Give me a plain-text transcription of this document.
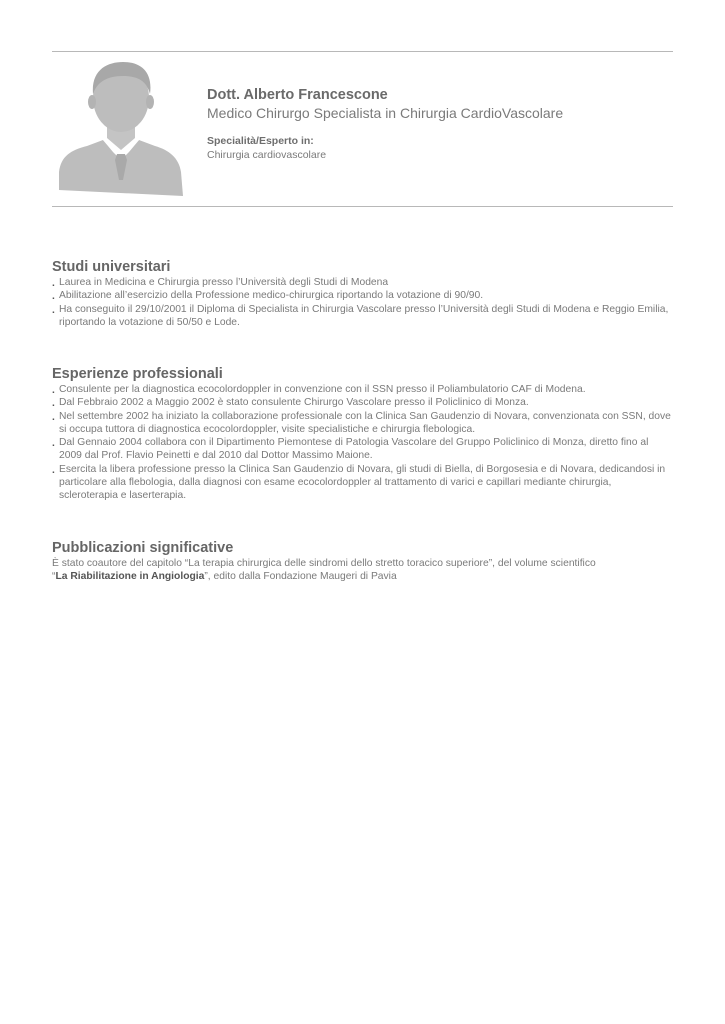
Dott. Alberto Francescone
Medico Chirurgo Specialista in Chirurgia CardioVascolare
Specialità/Esperto in:
Chirurgia cardiovascolare
Studi universitari
. Laurea in Medicina e Chirurgia presso l’Università degli Studi di Modena
. Abilitazione all’esercizio della Professione medico-chirurgica riportando la votazione di 90/90.
. Ha conseguito il 29/10/2001 il Diploma di Specialista in Chirurgia Vascolare presso l’Università degli Studi di Modena e Reggio Emilia, riportando la votazione di 50/50 e Lode.
Esperienze professionali
. Consulente per la diagnostica ecocolordoppler in convenzione con il SSN presso il Poliambulatorio CAF di Modena.
. Dal Febbraio 2002 a Maggio 2002 è stato consulente Chirurgo Vascolare presso il Policlinico di Monza.
. Nel settembre 2002 ha iniziato la collaborazione professionale con la Clinica San Gaudenzio di Novara, convenzionata con SSN, dove si occupa tuttora di diagnostica ecocolordoppler, visite specialistiche e chirurgia flebologica.
. Dal Gennaio 2004 collabora con il Dipartimento Piemontese di Patologia Vascolare del Gruppo Policlinico di Monza, diretto fino al 2009 dal Prof. Flavio Peinetti e dal 2010 dal Dottor Massimo Maione.
. Esercita la libera professione presso la Clinica San Gaudenzio di Novara, gli studi di Biella, di Borgosesia e di Novara, dedicandosi in particolare alla flebologia, dalla diagnosi con esame ecocolordoppler al trattamento di varici e capillari mediante chirurgia, scleroterapia e laserterapia.
Pubblicazioni significative

È stato coautore del capitolo “La terapia chirurgica delle sindromi dello stretto toracico superiore”, del volume scientifico
“La Riabilitazione in Angiologia”, edito dalla Fondazione Maugeri di Pavia
